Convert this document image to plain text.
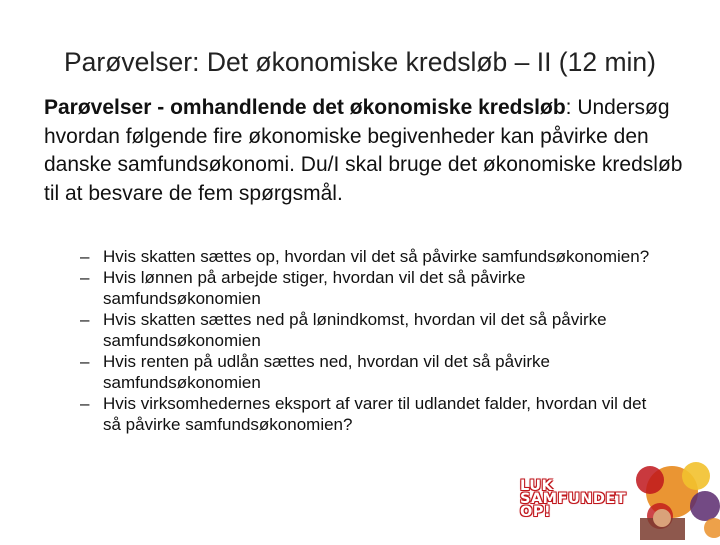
Parøvelser: Det økonomiske kredsløb – II (12 min)
Parøvelser - omhandlende det økonomiske kredsløb: Undersøg hvordan følgende fire økonomiske begivenheder kan påvirke den danske samfundsøkonomi. Du/I skal bruge det økonomiske kredsløb til at besvare de fem spørgsmål.
– Hvis skatten sættes op, hvordan vil det så påvirke samfundsøkonomien?
– Hvis lønnen på arbejde stiger, hvordan vil det så påvirke samfundsøkonomien
– Hvis skatten sættes ned på lønindkomst, hvordan vil det så påvirke samfundsøkonomien
– Hvis renten på udlån sættes ned, hvordan vil det så påvirke samfundsøkonomien
– Hvis virksomhedernes eksport af varer til udlandet falder, hvordan vil det så påvirke samfundsøkonomien?
LUK
SAMFUNDET
OP!
